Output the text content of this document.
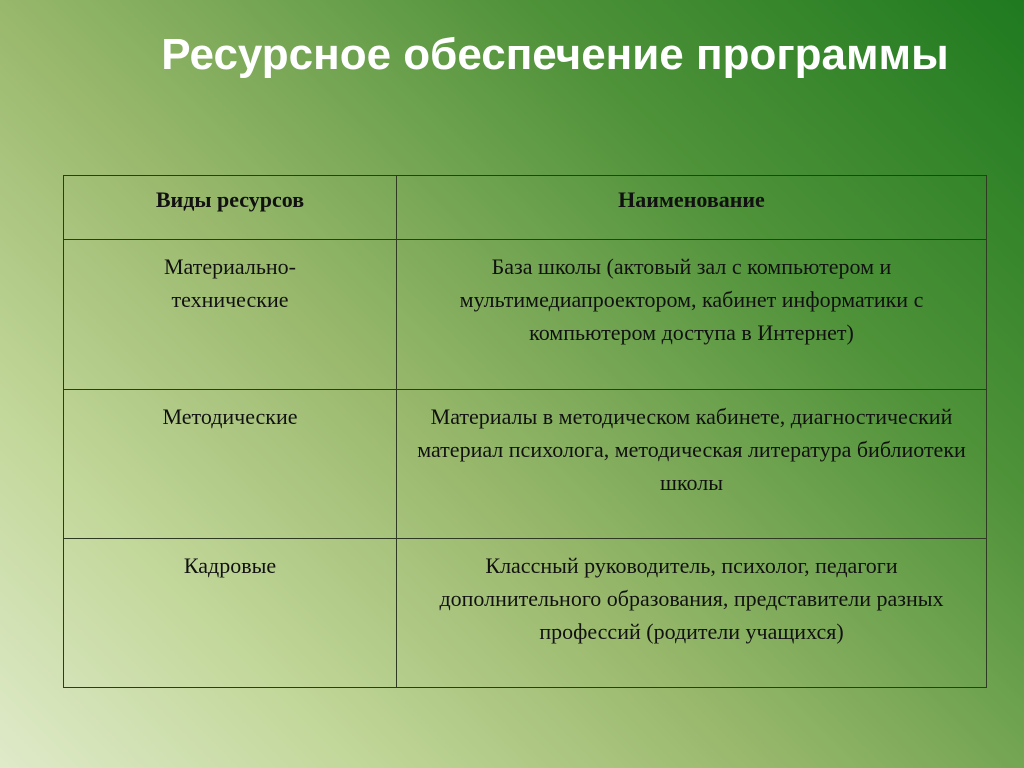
Ресурсное обеспечение программы
Виды ресурсов	Наименование
Материально-технические	База школы (актовый зал с компьютером и мультимедиапроектором, кабинет информатики с компьютером доступа в Интернет)
Методические	Материалы в методическом кабинете, диагностический материал психолога, методическая литература библиотеки школы
Кадровые	Классный руководитель, психолог, педагоги дополнительного образования, представители разных профессий (родители учащихся)
